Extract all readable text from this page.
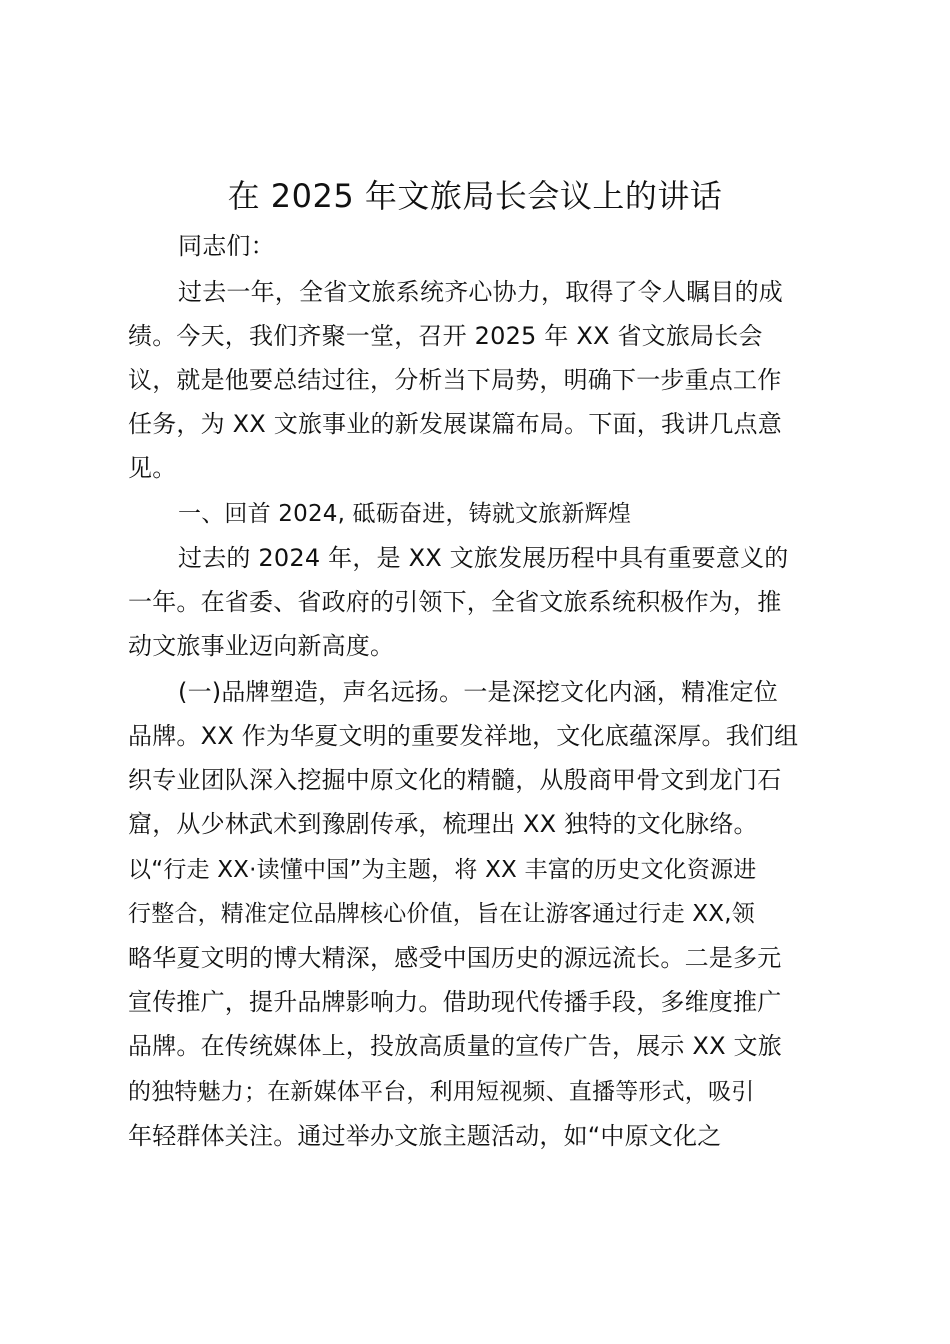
在 2025 年文旅局长会议上的讲话
同志们：
过去一年，全省文旅系统齐心协力，取得了令人瞩目的成
绩。今天，我们齐聚一堂，召开 2025 年 XX 省文旅局长会
议，就是他要总结过往，分析当下局势，明确下一步重点工作
任务，为 XX 文旅事业的新发展谋篇布局。下面，我讲几点意
见。
一、回首 2024, 砥砺奋进，铸就文旅新辉煌
过去的 2024 年，是 XX 文旅发展历程中具有重要意义的
一年。在省委、省政府的引领下，全省文旅系统积极作为，推
动文旅事业迈向新高度。
(一)品牌塑造，声名远扬。一是深挖文化内涵，精准定位
品牌。XX 作为华夏文明的重要发祥地，文化底蕴深厚。我们组
织专业团队深入挖掘中原文化的精髓，从殷商甲骨文到龙门石
窟，从少林武术到豫剧传承，梳理出 XX 独特的文化脉络。
以“行走 XX·读懂中国”为主题，将 XX 丰富的历史文化资源进
行整合，精准定位品牌核心价值，旨在让游客通过行走 XX,领
略华夏文明的博大精深，感受中国历史的源远流长。二是多元
宣传推广，提升品牌影响力。借助现代传播手段，多维度推广
品牌。在传统媒体上，投放高质量的宣传广告，展示 XX 文旅
的独特魅力；在新媒体平台，利用短视频、直播等形式，吸引
年轻群体关注。通过举办文旅主题活动，如“中原文化之
